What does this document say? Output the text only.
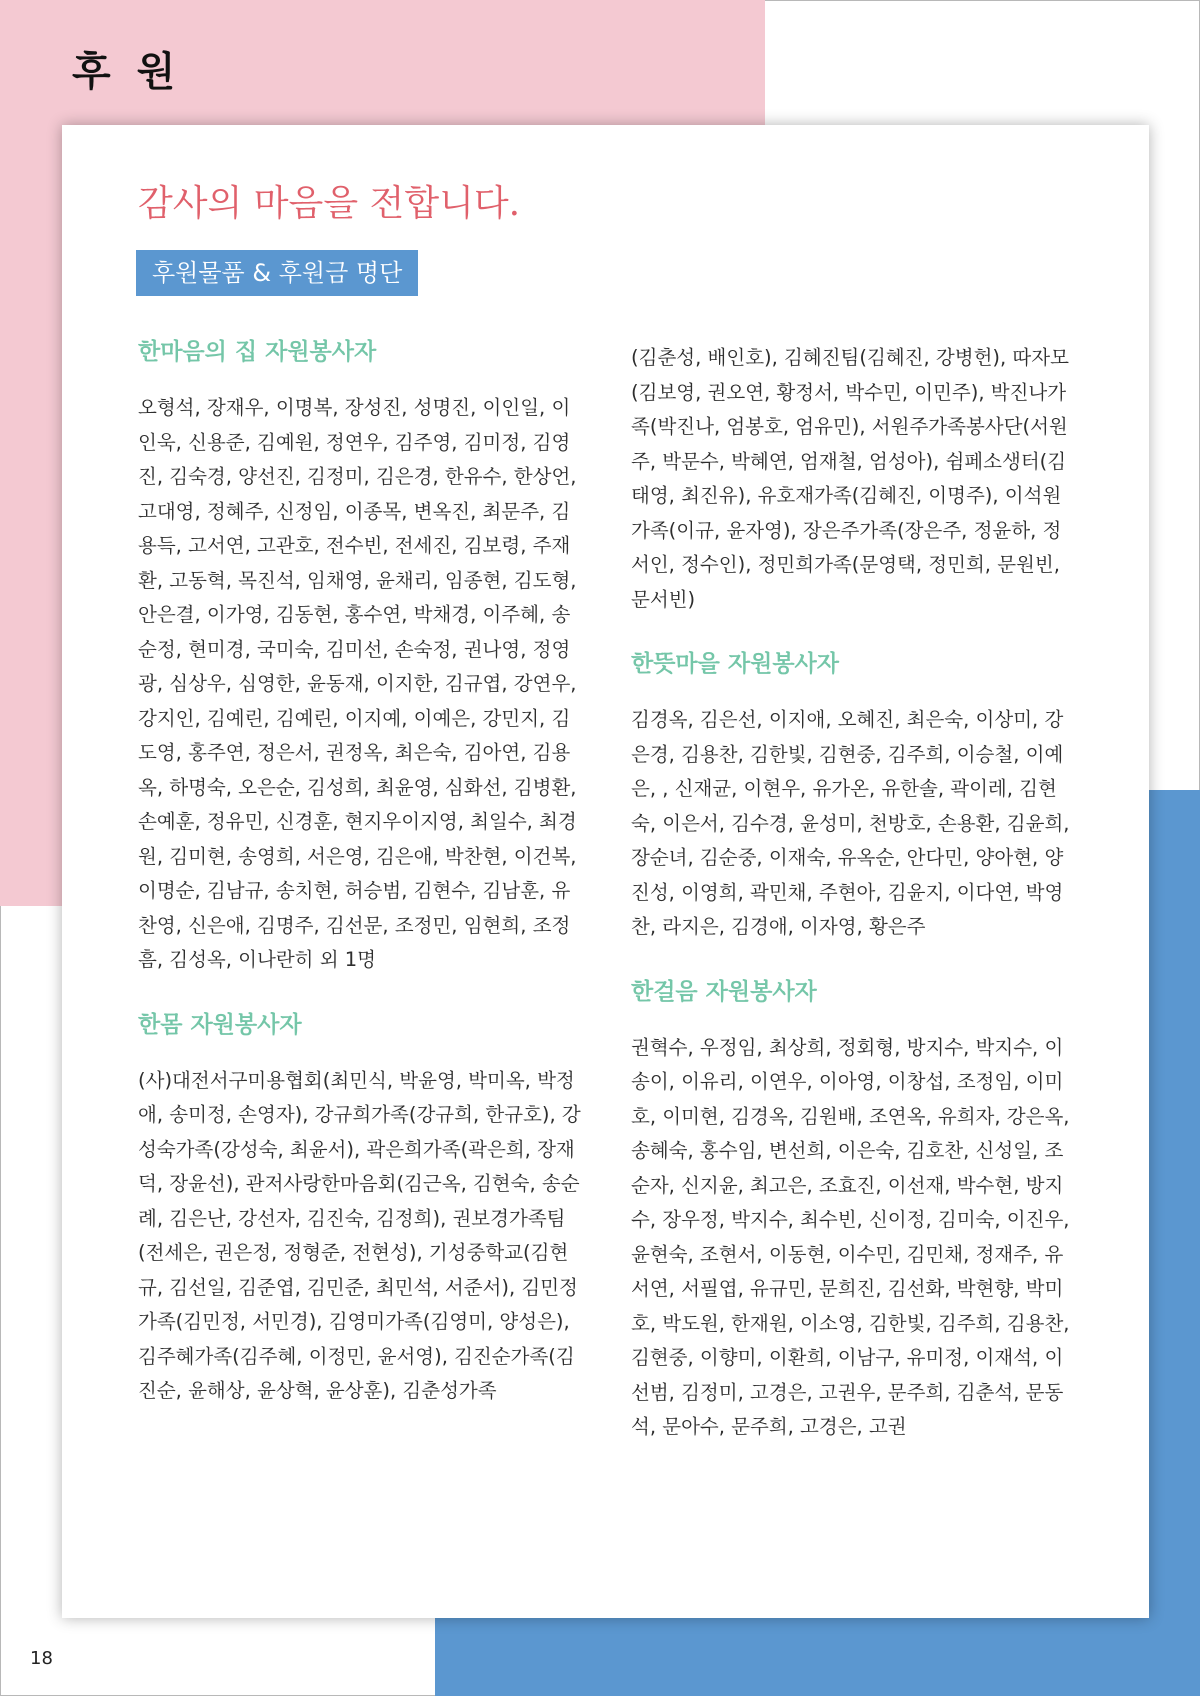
후 원
감사의 마음을 전합니다.
후원물품 & 후원금 명단
한마음의 집 자원봉사자

오형석, 장재우, 이명복, 장성진, 성명진, 이인일, 이인욱, 신용준, 김예원, 정연우, 김주영, 김미정, 김영진, 김숙경, 양선진, 김정미, 김은경, 한유수, 한상언, 고대영, 정혜주, 신정임, 이종목, 변옥진, 최문주, 김용득, 고서연, 고관호, 전수빈, 전세진, 김보령, 주재환, 고동혁, 목진석, 임채영, 윤채리, 임종현, 김도형, 안은결, 이가영, 김동현, 홍수연, 박채경, 이주혜, 송순정, 현미경, 국미숙, 김미선, 손숙정, 권나영, 정영광, 심상우, 심영한, 윤동재, 이지한, 김규엽, 강연우, 강지인, 김예린, 김예린, 이지예, 이예은, 강민지, 김도영, 홍주연, 정은서, 권정옥, 최은숙, 김아연, 김용옥, 하명숙, 오은순, 김성희, 최윤영, 심화선, 김병환, 손예훈, 정유민, 신경훈, 현지우이지영, 최일수, 최경원, 김미현, 송영희, 서은영, 김은애, 박찬현, 이건복, 이명순, 김남규, 송치현, 허승범, 김현수, 김남훈, 유찬영, 신은애, 김명주, 김선문, 조정민, 임현희, 조정흠, 김성옥, 이나란히 외 1명

한몸 자원봉사자

(사)대전서구미용협회(최민식, 박윤영, 박미옥, 박정애, 송미정, 손영자), 강규희가족(강규희, 한규호), 강성숙가족(강성숙, 최윤서), 곽은희가족(곽은희, 장재덕, 장윤선), 관저사랑한마음회(김근옥, 김현숙, 송순례, 김은난, 강선자, 김진숙, 김정희), 권보경가족팀(전세은, 권은정, 정형준, 전현성), 기성중학교(김현규, 김선일, 김준엽, 김민준, 최민석, 서준서), 김민정가족(김민정, 서민경), 김영미가족(김영미, 양성은), 김주혜가족(김주혜, 이정민, 윤서영), 김진순가족(김진순, 윤해상, 윤상혁, 윤상훈), 김춘성가족

(김춘성, 배인호), 김혜진팀(김혜진, 강병헌), 따자모(김보영, 권오연, 황정서, 박수민, 이민주), 박진나가족(박진나, 엄봉호, 엄유민), 서원주가족봉사단(서원주, 박문수, 박혜연, 엄재철, 엄성아), 쉼페소생터(김태영, 최진유), 유호재가족(김혜진, 이명주), 이석원가족(이규, 윤자영), 장은주가족(장은주, 정윤하, 정서인, 정수인), 정민희가족(문영택, 정민희, 문원빈, 문서빈)

한뜻마을 자원봉사자

김경옥, 김은선, 이지애, 오혜진, 최은숙, 이상미, 강은경, 김용찬, 김한빛, 김현중, 김주희, 이승철, 이예은, , 신재균, 이현우, 유가온, 유한솔, 곽이레, 김현숙, 이은서, 김수경, 윤성미, 천방호, 손용환, 김윤희, 장순녀, 김순중, 이재숙, 유옥순, 안다민, 양아현, 양진성, 이영희, 곽민채, 주현아, 김윤지, 이다연, 박영찬, 라지은, 김경애, 이자영, 황은주

한걸음 자원봉사자

권혁수, 우정임, 최상희, 정회형, 방지수, 박지수, 이송이, 이유리, 이연우, 이아영, 이창섭, 조정임, 이미호, 이미현, 김경옥, 김원배, 조연옥, 유희자, 강은옥, 송혜숙, 홍수임, 변선희, 이은숙, 김호찬, 신성일, 조순자, 신지윤, 최고은, 조효진, 이선재, 박수현, 방지수, 장우정, 박지수, 최수빈, 신이정, 김미숙, 이진우, 윤현숙, 조현서, 이동현, 이수민, 김민채, 정재주, 유서연, 서필엽, 유규민, 문희진, 김선화, 박현향, 박미호, 박도원, 한재원, 이소영, 김한빛, 김주희, 김용찬, 김현중, 이향미, 이환희, 이남구, 유미정, 이재석, 이선범, 김정미, 고경은, 고권우, 문주희, 김춘석, 문동석, 문아수, 문주희, 고경은, 고권

18
